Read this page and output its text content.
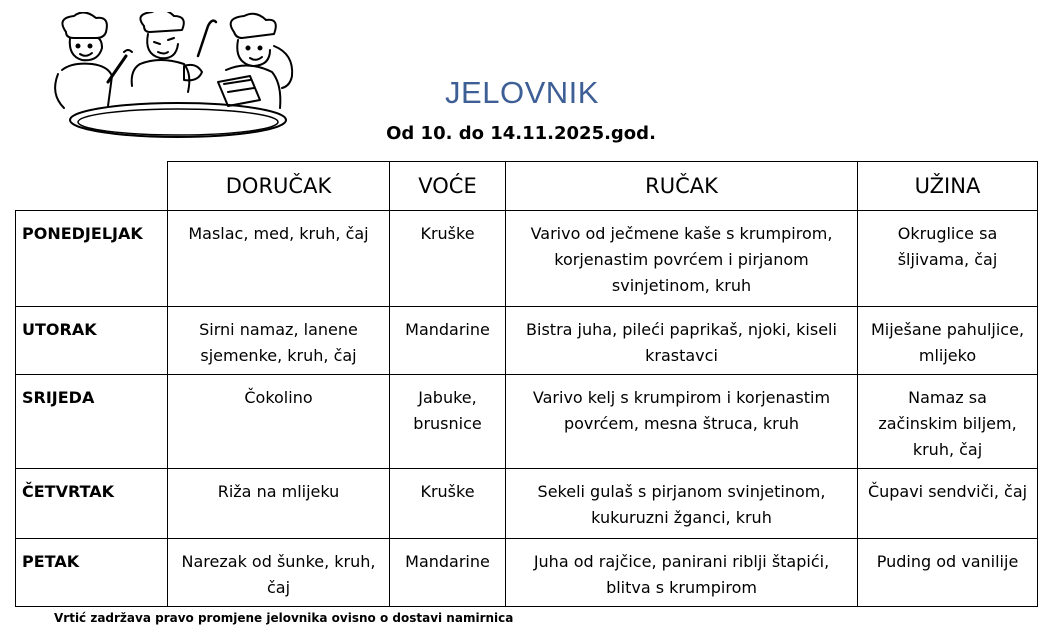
JELOVNIK
Od 10. do 14.11.2025.god.
	DORUČAK	VOĆE	RUČAK	UŽINA
PONEDJELJAK	Maslac, med, kruh, čaj	Kruške	Varivo od ječmene kaše s krumpirom, korjenastim povrćem i pirjanom svinjetinom, kruh	Okruglice sa šljivama, čaj
UTORAK	Sirni namaz, lanene sjemenke, kruh, čaj	Mandarine	Bistra juha, pileći paprikaš, njoki, kiseli krastavci	Miješane pahuljice, mlijeko
SRIJEDA	Čokolino	Jabuke, brusnice	Varivo kelj s krumpirom i korjenastim povrćem, mesna štruca, kruh	Namaz sa začinskim biljem, kruh, čaj
ČETVRTAK	Riža na mlijeku	Kruške	Sekeli gulaš s pirjanom svinjetinom, kukuruzni žganci, kruh	Čupavi sendviči, čaj
PETAK	Narezak od šunke, kruh, čaj	Mandarine	Juha od rajčice, panirani riblji štapići, blitva s krumpirom	Puding od vanilije
Vrtić zadržava pravo promjene jelovnika ovisno o dostavi namirnica
